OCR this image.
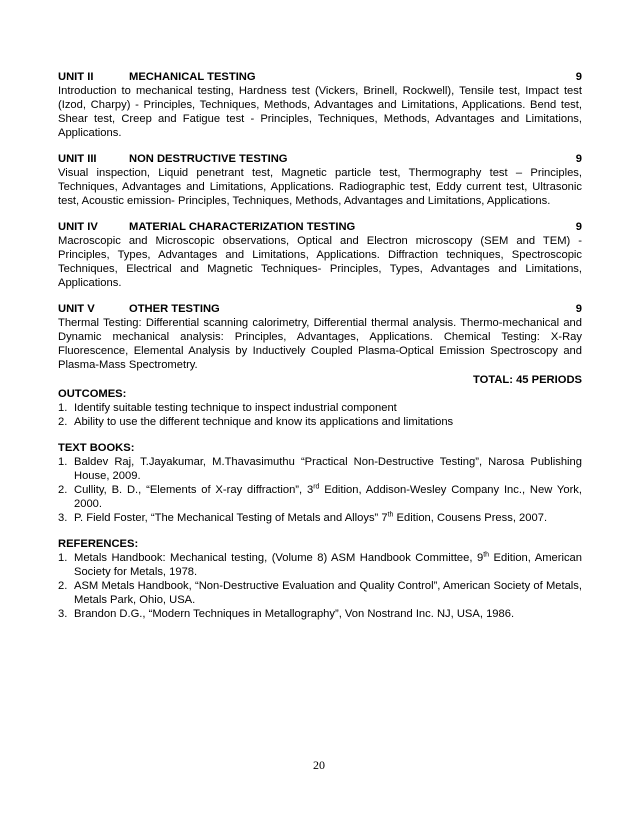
UNIT II	MECHANICAL TESTING	9
Introduction to mechanical testing, Hardness test (Vickers, Brinell, Rockwell), Tensile test, Impact test (Izod, Charpy) - Principles, Techniques, Methods, Advantages and Limitations, Applications. Bend test, Shear test, Creep and Fatigue test - Principles, Techniques, Methods, Advantages and Limitations, Applications.
UNIT III	NON DESTRUCTIVE TESTING	9
Visual inspection, Liquid penetrant test, Magnetic particle test, Thermography test – Principles, Techniques, Advantages and Limitations, Applications. Radiographic test, Eddy current test, Ultrasonic test, Acoustic emission- Principles, Techniques, Methods, Advantages and Limitations, Applications.
UNIT IV	MATERIAL CHARACTERIZATION TESTING	9
Macroscopic and Microscopic observations, Optical and Electron microscopy (SEM and TEM) - Principles, Types, Advantages and Limitations, Applications. Diffraction techniques, Spectroscopic Techniques, Electrical and Magnetic Techniques- Principles, Types, Advantages and Limitations, Applications.
UNIT V	OTHER TESTING	9
Thermal Testing: Differential scanning calorimetry, Differential thermal analysis. Thermo-mechanical and Dynamic mechanical analysis: Principles, Advantages, Applications. Chemical Testing: X-Ray Fluorescence, Elemental Analysis by Inductively Coupled Plasma-Optical Emission Spectroscopy and Plasma-Mass Spectrometry.
TOTAL: 45 PERIODS
OUTCOMES:
1. Identify suitable testing technique to inspect industrial component
2. Ability to use the different technique and know its applications and limitations
TEXT BOOKS:
1. Baldev Raj, T.Jayakumar, M.Thavasimuthu “Practical Non-Destructive Testing”, Narosa Publishing House, 2009.
2. Cullity, B. D., “Elements of X-ray diffraction”, 3rd Edition, Addison-Wesley Company Inc., New York, 2000.
3. P. Field Foster, “The Mechanical Testing of Metals and Alloys” 7th Edition, Cousens Press, 2007.
REFERENCES:
1. Metals Handbook: Mechanical testing, (Volume 8) ASM Handbook Committee, 9th Edition, American Society for Metals, 1978.
2. ASM Metals Handbook, “Non-Destructive Evaluation and Quality Control”, American Society of Metals, Metals Park, Ohio, USA.
3. Brandon D.G., “Modern Techniques in Metallography”, Von Nostrand Inc. NJ, USA, 1986.
20
